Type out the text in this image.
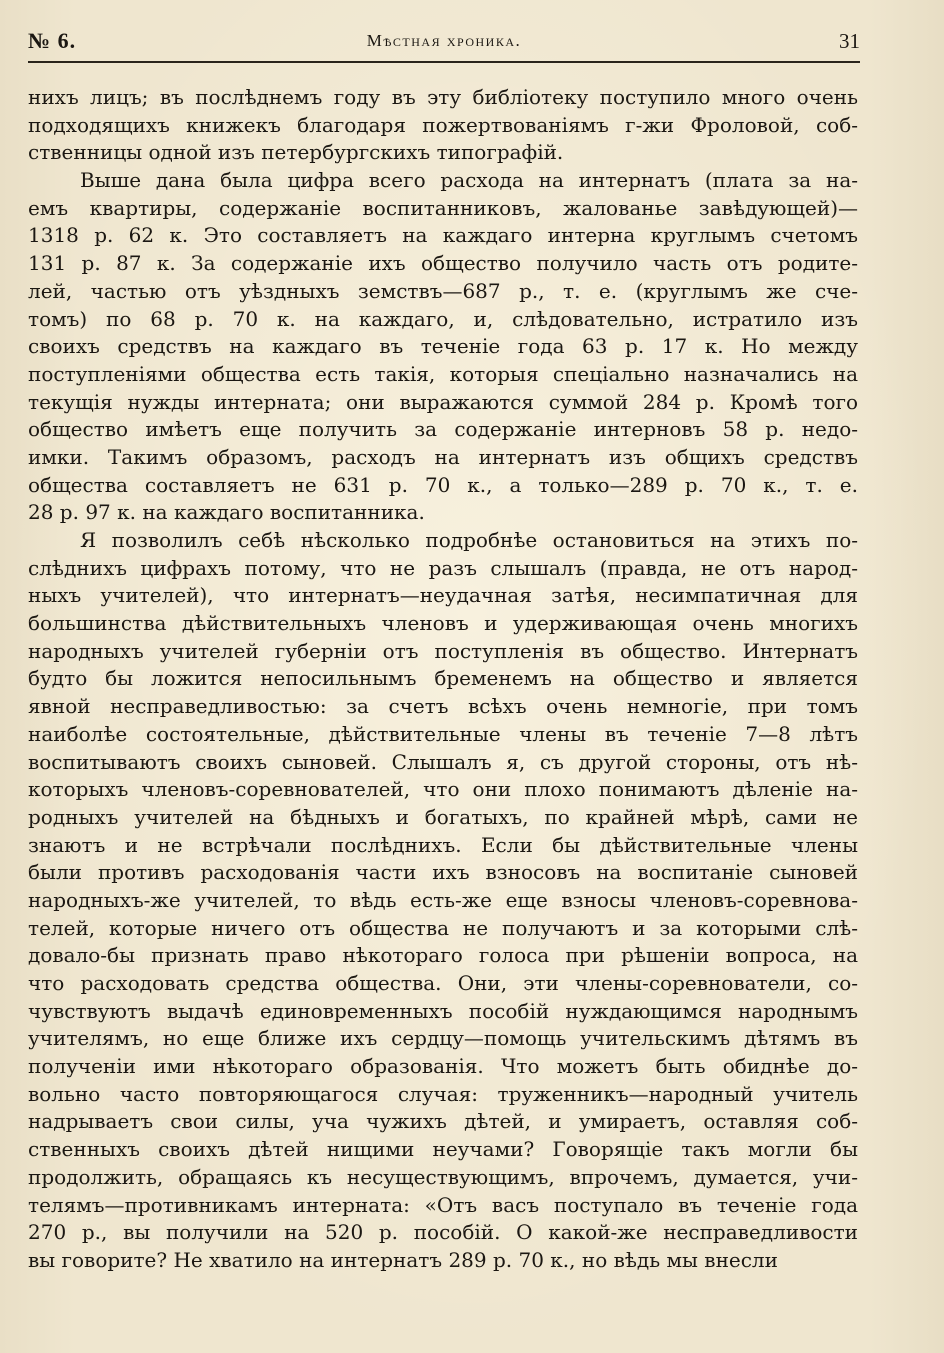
№ 6.	Мѣстная хроника.	31
нихъ лицъ; въ послѣднемъ году въ эту библіотеку поступило много очень
подходящихъ книжекъ благодаря пожертвованіямъ г-жи Фроловой, соб-
ственницы одной изъ петербургскихъ типографій.
Выше дана была цифра всего расхода на интернатъ (плата за на-
емъ квартиры, содержаніе воспитанниковъ, жалованье завѣдующей)—
1318 р. 62 к. Это составляетъ на каждаго интерна круглымъ счетомъ
131 р. 87 к. За содержаніе ихъ общество получило часть отъ родите-
лей, частью отъ уѣздныхъ земствъ—687 р., т. е. (круглымъ же сче-
томъ) по 68 р. 70 к. на каждаго, и, слѣдовательно, истратило изъ
своихъ средствъ на каждаго въ теченіе года 63 р. 17 к. Но между
поступленіями общества есть такія, которыя спеціально назначались на
текущія нужды интерната; они выражаются суммой 284 р. Кромѣ того
общество имѣетъ еще получить за содержаніе интерновъ 58 р. недо-
имки. Такимъ образомъ, расходъ на интернатъ изъ общихъ средствъ
общества составляетъ не 631 р. 70 к., а только—289 р. 70 к., т. е.
28 р. 97 к. на каждаго воспитанника.
Я позволилъ себѣ нѣсколько подробнѣе остановиться на этихъ по-
слѣднихъ цифрахъ потому, что не разъ слышалъ (правда, не отъ народ-
ныхъ учителей), что интернатъ—неудачная затѣя, несимпатичная для
большинства дѣйствительныхъ членовъ и удерживающая очень многихъ
народныхъ учителей губерніи отъ поступленія въ общество. Интернатъ
будто бы ложится непосильнымъ бременемъ на общество и является
явной несправедливостью: за счетъ всѣхъ очень немногіе, при томъ
наиболѣе состоятельные, дѣйствительные члены въ теченіе 7—8 лѣтъ
воспитываютъ своихъ сыновей. Слышалъ я, съ другой стороны, отъ нѣ-
которыхъ членовъ-соревнователей, что они плохо понимаютъ дѣленіе на-
родныхъ учителей на бѣдныхъ и богатыхъ, по крайней мѣрѣ, сами не
знаютъ и не встрѣчали послѣднихъ. Если бы дѣйствительные члены
были противъ расходованія части ихъ взносовъ на воспитаніе сыновей
народныхъ-же учителей, то вѣдь есть-же еще взносы членовъ-соревнова-
телей, которые ничего отъ общества не получаютъ и за которыми слѣ-
довало-бы признать право нѣкотораго голоса при рѣшеніи вопроса, на
что расходовать средства общества. Они, эти члены-соревнователи, со-
чувствуютъ выдачѣ единовременныхъ пособій нуждающимся народнымъ
учителямъ, но еще ближе ихъ сердцу—помощь учительскимъ дѣтямъ въ
полученіи ими нѣкотораго образованія. Что можетъ быть обиднѣе до-
вольно часто повторяющагося случая: труженникъ—народный учитель
надрываетъ свои силы, уча чужихъ дѣтей, и умираетъ, оставляя соб-
ственныхъ своихъ дѣтей нищими неучами? Говорящіе такъ могли бы
продолжить, обращаясь къ несуществующимъ, впрочемъ, думается, учи-
телямъ—противникамъ интерната: «Отъ васъ поступало въ теченіе года
270 р., вы получили на 520 р. пособій. О какой-же несправедливости
вы говорите? Не хватило на интернатъ 289 р. 70 к., но вѣдь мы внесли
